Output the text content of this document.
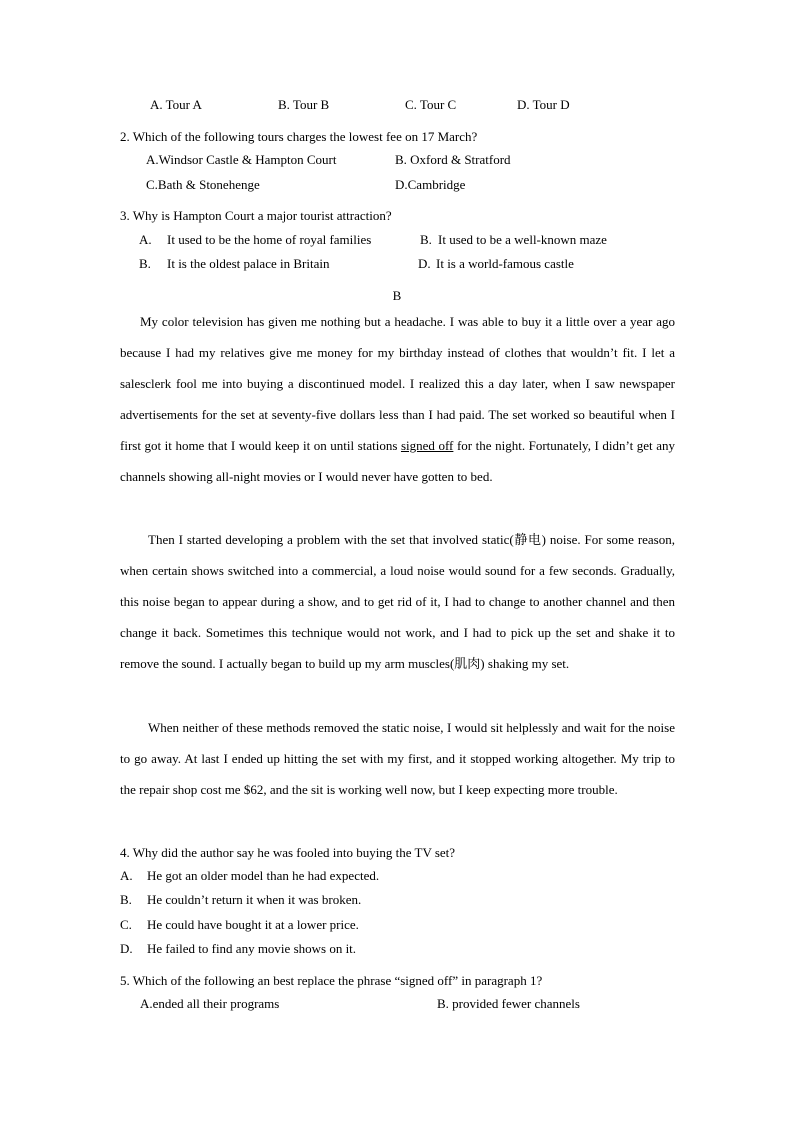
A. Tour A	B. Tour B	C. Tour C	D. Tour D
2. Which of the following tours charges the lowest fee on 17 March?
A.Windsor Castle & Hampton Court	B. Oxford & Stratford
C.Bath & Stonehenge	D.Cambridge
3. Why is Hampton Court a major tourist attraction?
A. It used to be the home of royal families	B. It used to be a well-known maze
B. It is the oldest palace in Britain	D. It is a world-famous castle
B
My color television has given me nothing but a headache. I was able to buy it a little over a year ago because I had my relatives give me money for my birthday instead of clothes that wouldn’t fit. I let a salesclerk fool me into buying a discontinued model. I realized this a day later, when I saw newspaper advertisements for the set at seventy-five dollars less than I had paid. The set worked so beautiful when I first got it home that I would keep it on until stations signed off for the night. Fortunately, I didn’t get any channels showing all-night movies or I would never have gotten to bed.
Then I started developing a problem with the set that involved static(静电) noise. For some reason, when certain shows switched into a commercial, a loud noise would sound for a few seconds. Gradually, this noise began to appear during a show, and to get rid of it, I had to change to another channel and then change it back. Sometimes this technique would not work, and I had to pick up the set and shake it to remove the sound. I actually began to build up my arm muscles(肌肉) shaking my set.
When neither of these methods removed the static noise, I would sit helplessly and wait for the noise to go away. At last I ended up hitting the set with my first, and it stopped working altogether. My trip to the repair shop cost me $62, and the sit is working well now, but I keep expecting more trouble.
4. Why did the author say he was fooled into buying the TV set?
A. He got an older model than he had expected.
B. He couldn’t return it when it was broken.
C. He could have bought it at a lower price.
D. He failed to find any movie shows on it.
5. Which of the following an best replace the phrase “signed off” in paragraph 1?
A.ended all their programs	B. provided fewer channels
